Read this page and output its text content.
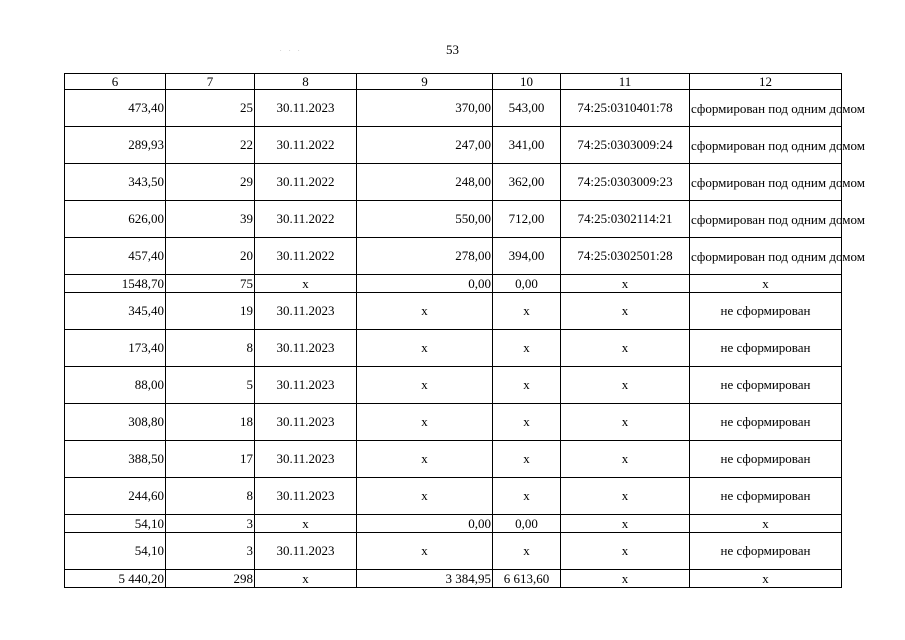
. . .	53
6	7	8	9	10	11	12
473,40	25	30.11.2023	370,00	543,00	74:25:0310401:78	сформирован под одним домом
289,93	22	30.11.2022	247,00	341,00	74:25:0303009:24	сформирован под одним домом
343,50	29	30.11.2022	248,00	362,00	74:25:0303009:23	сформирован под одним домом
626,00	39	30.11.2022	550,00	712,00	74:25:0302114:21	сформирован под одним домом
457,40	20	30.11.2022	278,00	394,00	74:25:0302501:28	сформирован под одним домом
1548,70	75	х	0,00	0,00	х	х
345,40	19	30.11.2023	х	х	х	не сформирован
173,40	8	30.11.2023	х	х	х	не сформирован
88,00	5	30.11.2023	х	х	х	не сформирован
308,80	18	30.11.2023	х	х	х	не сформирован
388,50	17	30.11.2023	х	х	х	не сформирован
244,60	8	30.11.2023	х	х	х	не сформирован
54,10	3	х	0,00	0,00	х	х
54,10	3	30.11.2023	х	х	х	не сформирован
5 440,20	298	х	3 384,95	6 613,60	х	х
